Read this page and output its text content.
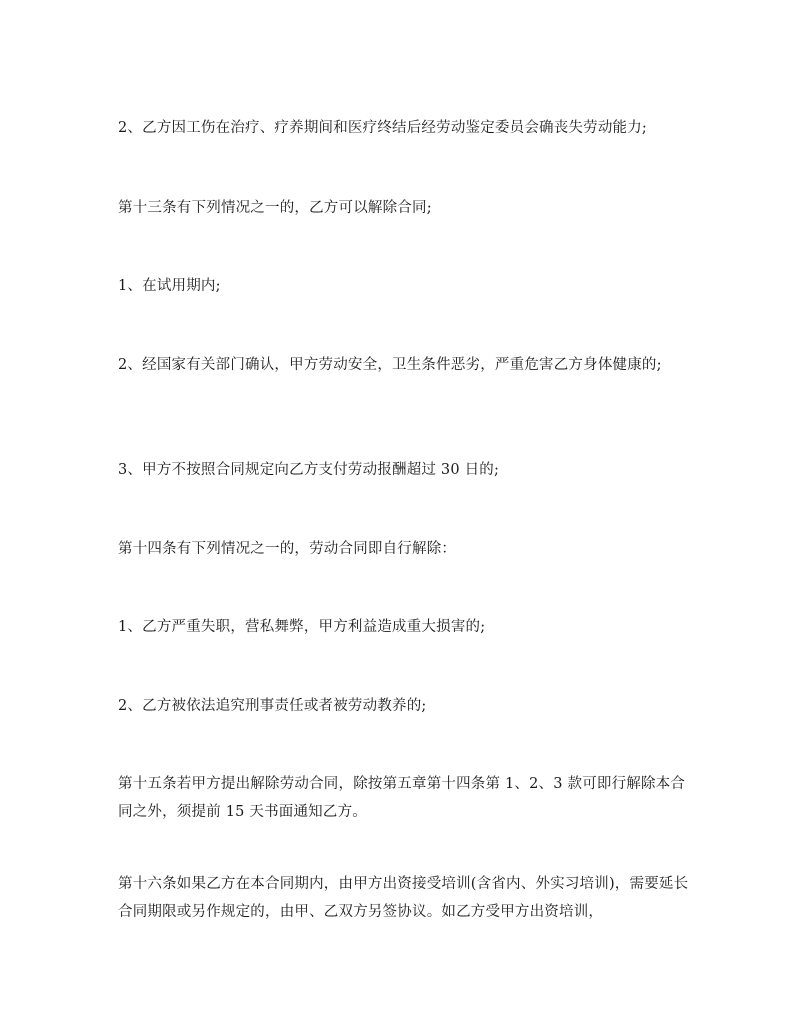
2、乙方因工伤在治疗、疗养期间和医疗终结后经劳动鉴定委员会确丧失劳动能力;

第十三条有下列情况之一的，乙方可以解除合同;

1、在试用期内;

2、经国家有关部门确认，甲方劳动安全，卫生条件恶劣，严重危害乙方身体健康的;

3、甲方不按照合同规定向乙方支付劳动报酬超过 30 日的;

第十四条有下列情况之一的，劳动合同即自行解除：

1、乙方严重失职，营私舞弊，甲方利益造成重大损害的;

2、乙方被依法追究刑事责任或者被劳动教养的;

第十五条若甲方提出解除劳动合同，除按第五章第十四条第 1、2、3 款可即行解除本合同之外，须提前 15 天书面通知乙方。

第十六条如果乙方在本合同期内，由甲方出资接受培训(含省内、外实习培训)，需要延长合同期限或另作规定的，由甲、乙双方另签协议。如乙方受甲方出资培训，
